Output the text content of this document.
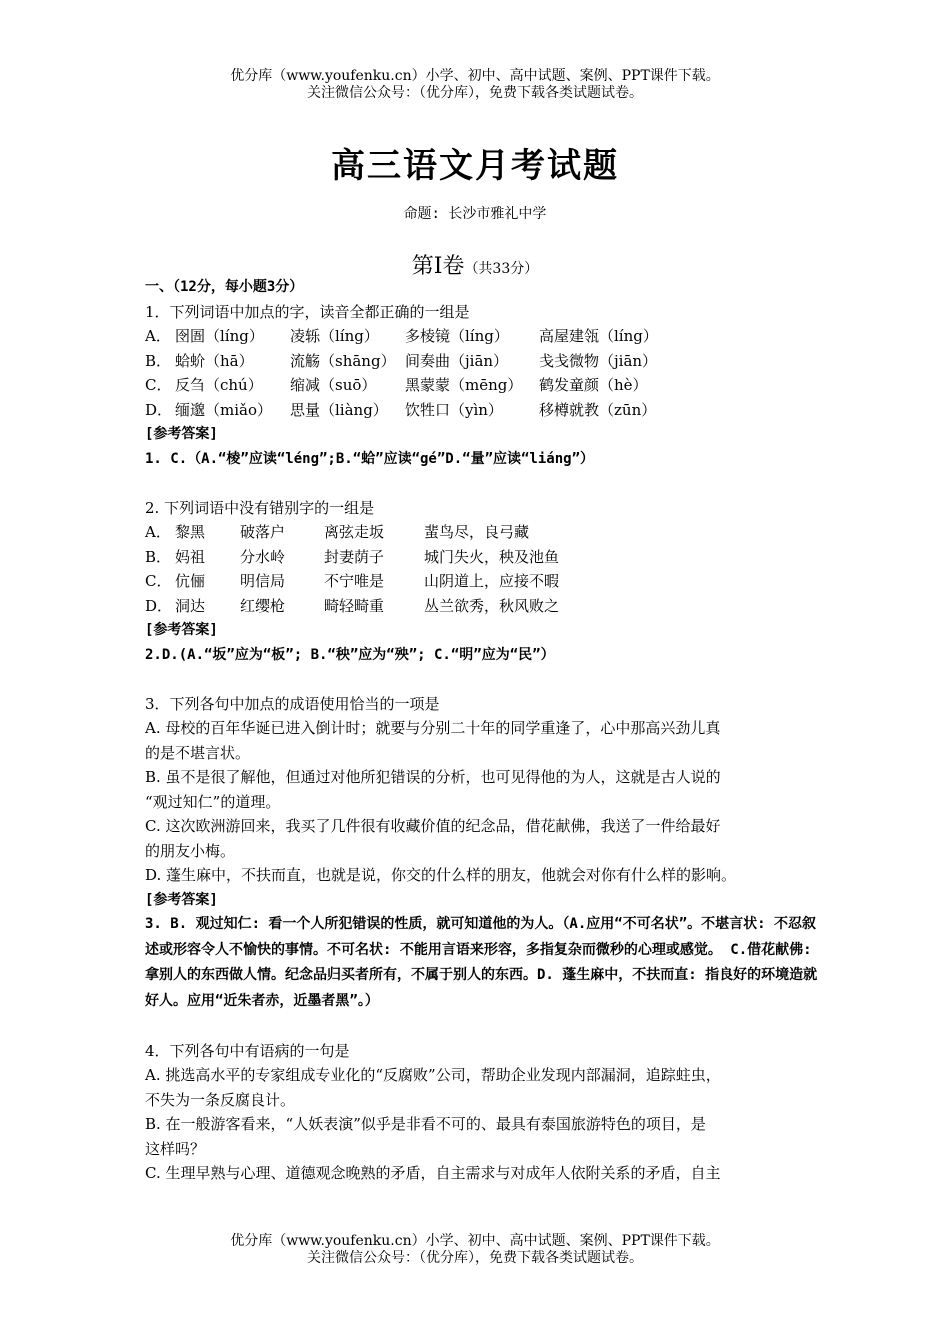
优分库（www.youfenku.cn）小学、初中、高中试题、案例、PPT课件下载。
关注微信公众号：（优分库），免费下载各类试题试卷。
高三语文月考试题
命题: 长沙市雅礼中学
第Ⅰ卷（共33分）
一、（12分，每小题3分）
1．下列词语中加点的字，读音全都正确的一组是
A． 囹圄（líng）	凌轹（líng）	多棱镜（líng）	高屋建瓴（líng）
B． 蛤蚧（hā）	流觞（shāng） 间奏曲（jiān）	戋戋微物（jiān）
C． 反刍（chú）	缩减（suō）	黑蒙蒙（mēng）	鹤发童颜（hè）
D． 缅邈（miǎo）	思量（liàng）	饮牲口（yìn）	移樽就教（zūn）
[参考答案]
1. C.（A.“棱”应读“léng”;B.“蛤”应读“gé”D.“量”应读“liáng”）
2. 下列词语中没有错别字的一组是
A． 黎黑	破落户	离弦走坂	蜚鸟尽，良弓藏
B． 妈祖	分水岭	封妻荫子	城门失火，秧及池鱼
C． 伉俪	明信局	不宁唯是	山阴道上，应接不暇
D． 洞达	红缨枪	畸轻畸重	丛兰欲秀，秋风败之
[参考答案]
2.D.(A.“坂”应为“板”; B.“秧”应为“殃”; C.“明”应为“民”）
3．下列各句中加点的成语使用恰当的一项是
A. 母校的百年华诞已进入倒计时；就要与分别二十年的同学重逢了，心中那高兴劲儿真
的是不堪言状。
B. 虽不是很了解他，但通过对他所犯错误的分析，也可见得他的为人，这就是古人说的
“观过知仁”的道理。
C. 这次欧洲游回来，我买了几件很有收藏价值的纪念品，借花献佛，我送了一件给最好
的朋友小梅。
D. 蓬生麻中，不扶而直，也就是说，你交的什么样的朋友，他就会对你有什么样的影响。
[参考答案]
3. B. 观过知仁: 看一个人所犯错误的性质，就可知道他的为人。（A.应用“不可名状”。不堪言状: 不忍叙述或形容令人不愉快的事情。不可名状: 不能用言语来形容，多指复杂而微秒的心理或感觉。 C.借花献佛: 拿别人的东西做人情。纪念品归买者所有，不属于别人的东西。D. 蓬生麻中，不扶而直: 指良好的环境造就好人。应用“近朱者赤，近墨者黑”。）
4．下列各句中有语病的一句是
A. 挑选高水平的专家组成专业化的“反腐败”公司，帮助企业发现内部漏洞，追踪蛀虫，
不失为一条反腐良计。
B. 在一般游客看来，“人妖表演”似乎是非看不可的、最具有泰国旅游特色的项目，是
这样吗？
C. 生理早熟与心理、道德观念晚熟的矛盾，自主需求与对成年人依附关系的矛盾，自主
优分库（www.youfenku.cn）小学、初中、高中试题、案例、PPT课件下载。
关注微信公众号：（优分库），免费下载各类试题试卷。
